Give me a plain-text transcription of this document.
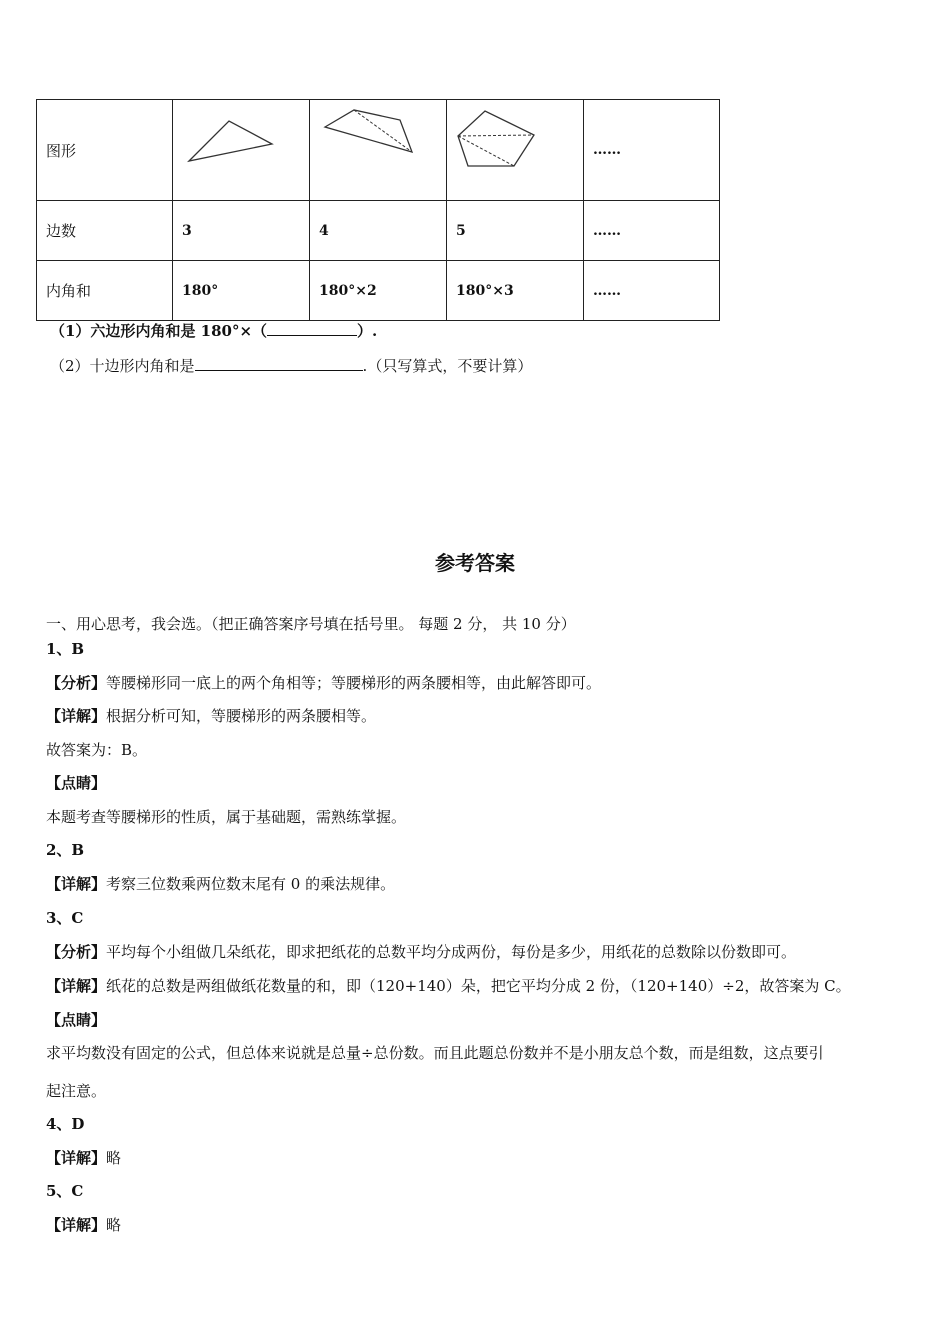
图形				……
边数	3	4	5	……
内角和	180°	180°×2	180°×3	……
（1）六边形内角和是 180°×（	）.
（2）十边形内角和是	.（只写算式，不要计算）
参考答案
一、用心思考，我会选。（把正确答案序号填在括号里。 每题 2 分， 共 10 分）
1、B
【分析】等腰梯形同一底上的两个角相等；等腰梯形的两条腰相等，由此解答即可。
【详解】根据分析可知，等腰梯形的两条腰相等。
故答案为：B。
【点睛】
本题考查等腰梯形的性质，属于基础题，需熟练掌握。
2、B
【详解】考察三位数乘两位数末尾有 0 的乘法规律。
3、C
【分析】平均每个小组做几朵纸花，即求把纸花的总数平均分成两份，每份是多少，用纸花的总数除以份数即可。
【详解】纸花的总数是两组做纸花数量的和，即（120+140）朵，把它平均分成 2 份，（120+140）÷2，故答案为 C。
【点睛】
求平均数没有固定的公式，但总体来说就是总量÷总份数。而且此题总份数并不是小朋友总个数，而是组数，这点要引
起注意。
4、D
【详解】略
5、C
【详解】略
